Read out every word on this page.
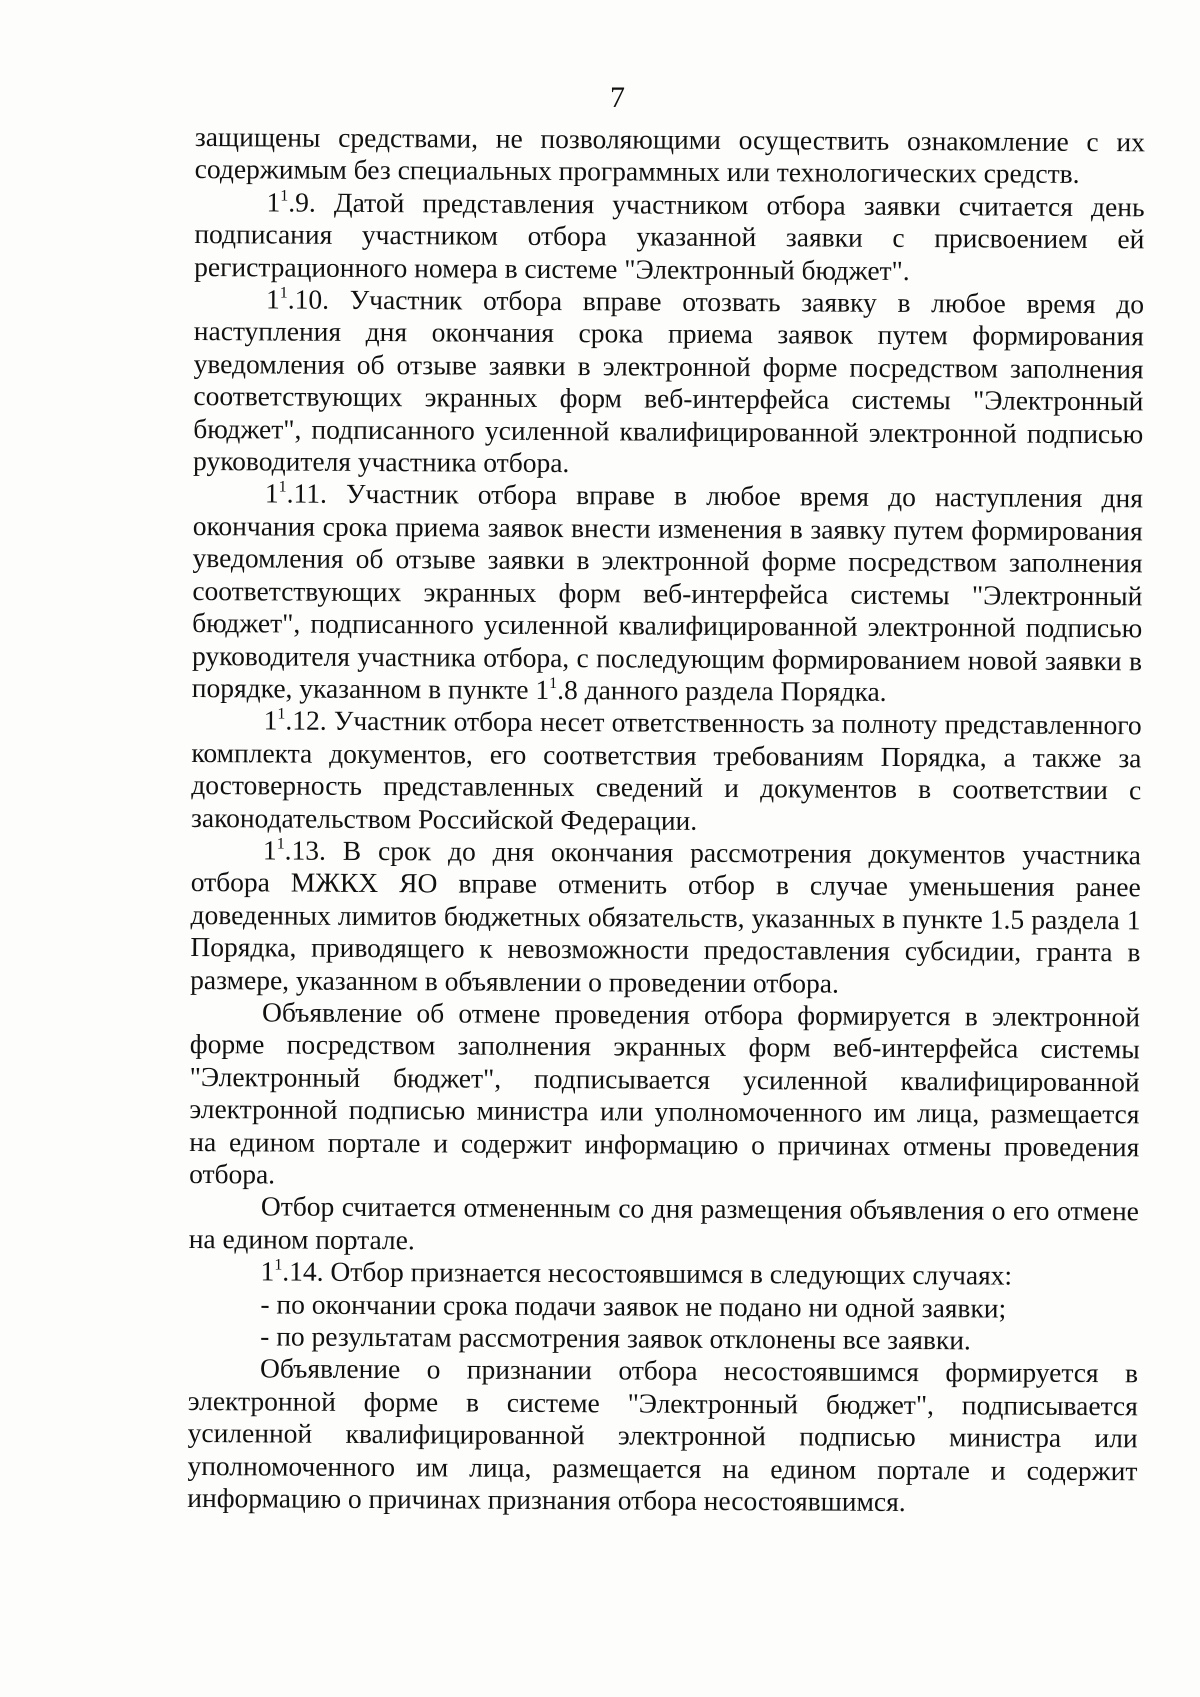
7

защищены средствами, не позволяющими осуществить ознакомление с их содержимым без специальных программных или технологических средств.

$1^1.9$. Датой представления участником отбора заявки считается день подписания участником отбора указанной заявки с присвоением ей регистрационного номера в системе "Электронный бюджет".

$1^1.10$. Участник отбора вправе отозвать заявку в любое время до наступления дня окончания срока приема заявок путем формирования уведомления об отзыве заявки в электронной форме посредством заполнения соответствующих экранных форм веб-интерфейса системы "Электронный бюджет", подписанного усиленной квалифицированной электронной подписью руководителя участника отбора.

$1^1.11$. Участник отбора вправе в любое время до наступления дня окончания срока приема заявок внести изменения в заявку путем формирования уведомления об отзыве заявки в электронной форме посредством заполнения соответствующих экранных форм веб-интерфейса системы "Электронный бюджет", подписанного усиленной квалифицированной электронной подписью руководителя участника отбора, с последующим формированием новой заявки в порядке, указанном в пункте $1^1.8$ данного раздела Порядка.

$1^1.12$. Участник отбора несет ответственность за полноту представленного комплекта документов, его соответствия требованиям Порядка, а также за достоверность представленных сведений и документов в соответствии с законодательством Российской Федерации.

$1^1.13$. В срок до дня окончания рассмотрения документов участника отбора МЖКХ ЯО вправе отменить отбор в случае уменьшения ранее доведенных лимитов бюджетных обязательств, указанных в пункте 1.5 раздела 1 Порядка, приводящего к невозможности предоставления субсидии, гранта в размере, указанном в объявлении о проведении отбора.

Объявление об отмене проведения отбора формируется в электронной форме посредством заполнения экранных форм веб-интерфейса системы "Электронный бюджет", подписывается усиленной квалифицированной электронной подписью министра или уполномоченного им лица, размещается на едином портале и содержит информацию о причинах отмены проведения отбора.

Отбор считается отмененным со дня размещения объявления о его отмене на едином портале.

$1^1.14$. Отбор признается несостоявшимся в следующих случаях:

- по окончании срока подачи заявок не подано ни одной заявки;

- по результатам рассмотрения заявок отклонены все заявки.

Объявление о признании отбора несостоявшимся формируется в электронной форме в системе "Электронный бюджет", подписывается усиленной квалифицированной электронной подписью министра или уполномоченного им лица, размещается на едином портале и содержит информацию о причинах признания отбора несостоявшимся.
